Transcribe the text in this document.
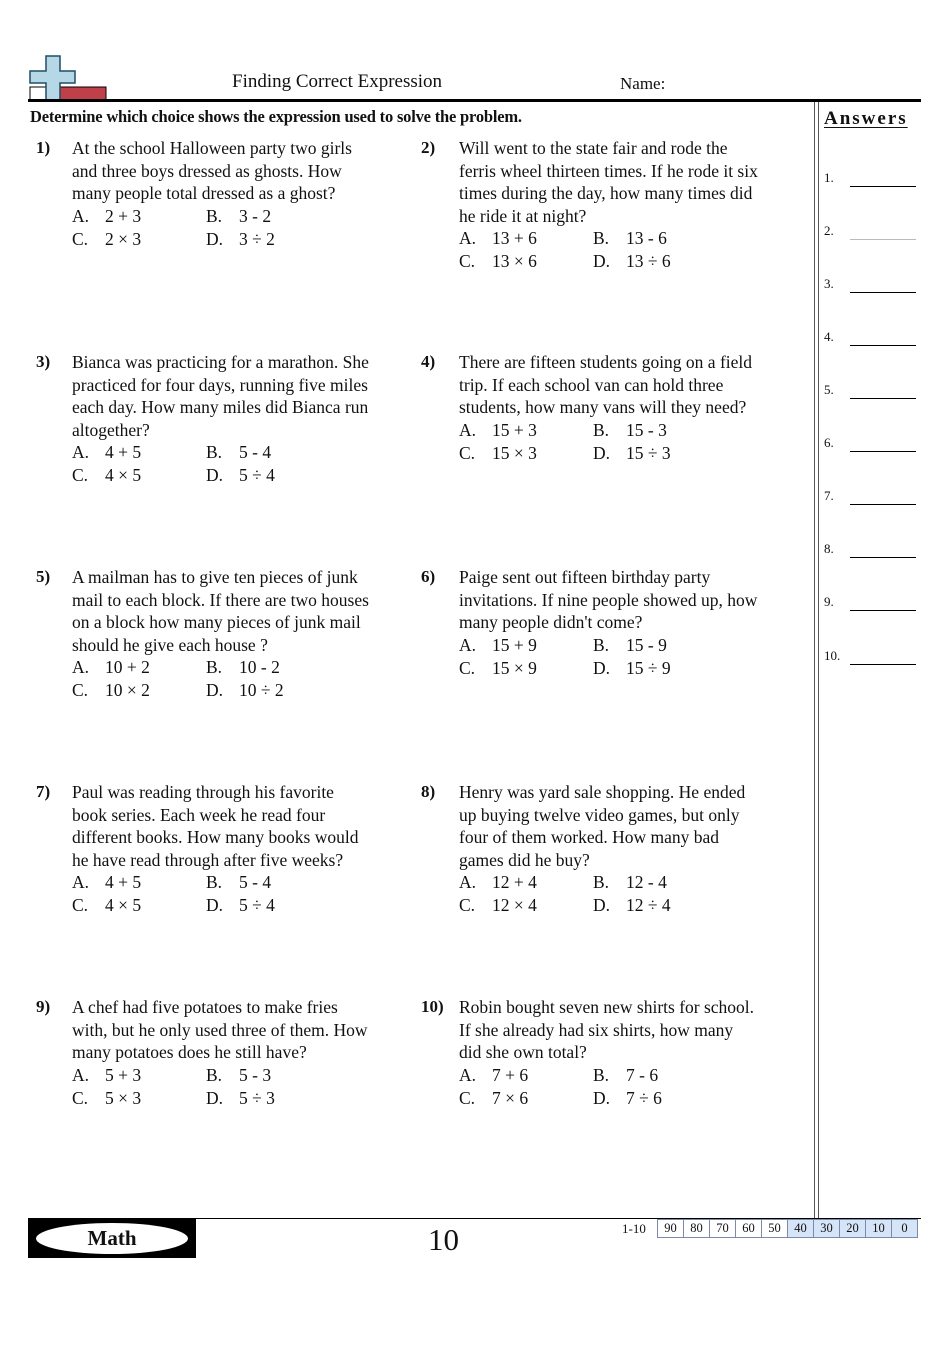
Finding Correct Expression	Name:
Determine which choice shows the expression used to solve the problem.	Answers
1.
2.
3.
4.
5.
6.
7.
8.
9.
10.
1) At the school Halloween party two girls and three boys dressed as ghosts. How many people total dressed as a ghost?
A. 2 + 3	B. 3 - 2
C. 2 × 3	D. 3 ÷ 2
2) Will went to the state fair and rode the ferris wheel thirteen times. If he rode it six times during the day, how many times did he ride it at night?
A. 13 + 6	B. 13 - 6
C. 13 × 6	D. 13 ÷ 6
3) Bianca was practicing for a marathon. She practiced for four days, running five miles each day. How many miles did Bianca run altogether?
A. 4 + 5	B. 5 - 4
C. 4 × 5	D. 5 ÷ 4
4) There are fifteen students going on a field trip. If each school van can hold three students, how many vans will they need?
A. 15 + 3	B. 15 - 3
C. 15 × 3	D. 15 ÷ 3
5) A mailman has to give ten pieces of junk mail to each block. If there are two houses on a block how many pieces of junk mail should he give each house ?
A. 10 + 2	B. 10 - 2
C. 10 × 2	D. 10 ÷ 2
6) Paige sent out fifteen birthday party invitations. If nine people showed up, how many people didn't come?
A. 15 + 9	B. 15 - 9
C. 15 × 9	D. 15 ÷ 9
7) Paul was reading through his favorite book series. Each week he read four different books. How many books would he have read through after five weeks?
A. 4 + 5	B. 5 - 4
C. 4 × 5	D. 5 ÷ 4
8) Henry was yard sale shopping. He ended up buying twelve video games, but only four of them worked. How many bad games did he buy?
A. 12 + 4	B. 12 - 4
C. 12 × 4	D. 12 ÷ 4
9) A chef had five potatoes to make fries with, but he only used three of them. How many potatoes does he still have?
A. 5 + 3	B. 5 - 3
C. 5 × 3	D. 5 ÷ 3
10) Robin bought seven new shirts for school. If she already had six shirts, how many did she own total?
A. 7 + 6	B. 7 - 6
C. 7 × 6	D. 7 ÷ 6
Math	10	1-10	90	80	70	60	50	40	30	20	10	0
